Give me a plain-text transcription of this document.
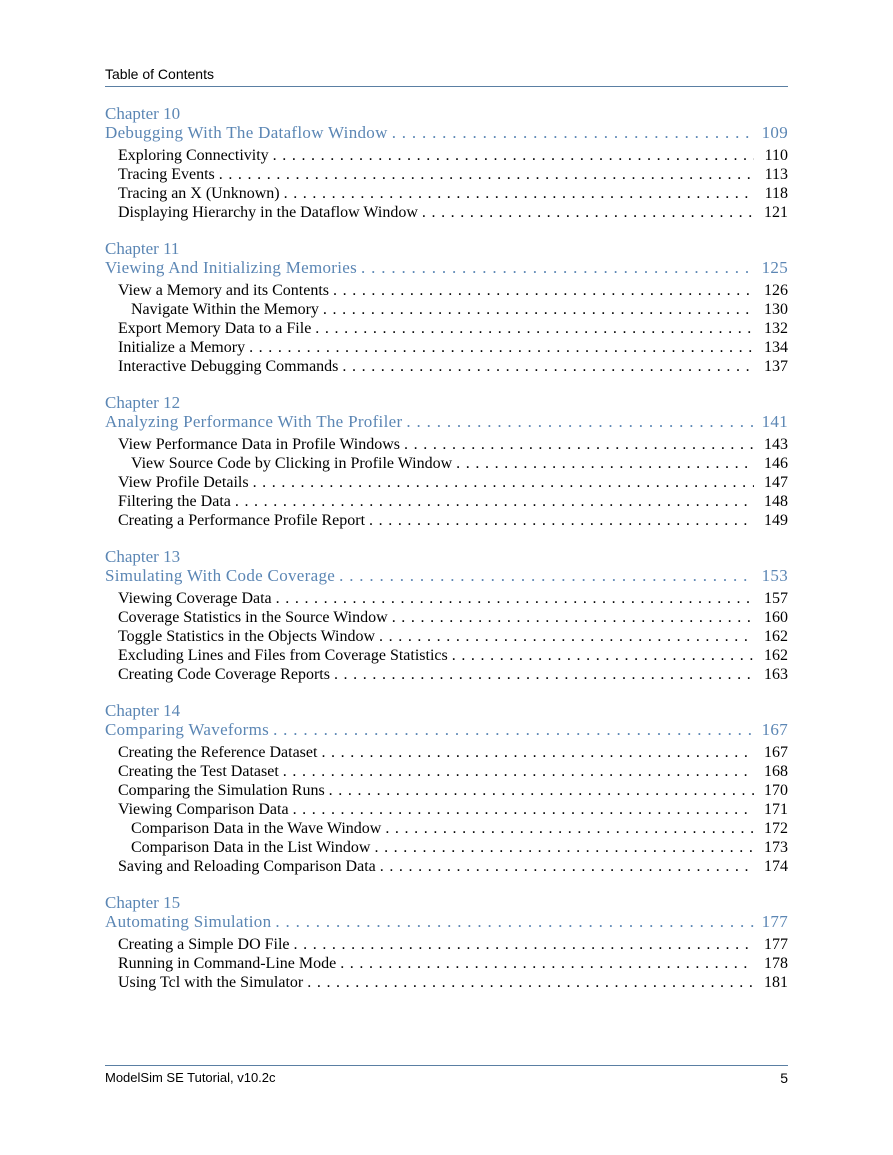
Table of Contents
Chapter 10
Debugging With The Dataflow Window . . .	109
Exploring Connectivity . . .	110
Tracing Events . . .	113
Tracing an X (Unknown) . . .	118
Displaying Hierarchy in the Dataflow Window . . .	121
Chapter 11
Viewing And Initializing Memories . . .	125
View a Memory and its Contents . . .	126
Navigate Within the Memory . . .	130
Export Memory Data to a File . . .	132
Initialize a Memory . . .	134
Interactive Debugging Commands . . .	137
Chapter 12
Analyzing Performance With The Profiler . . .	141
View Performance Data in Profile Windows . . .	143
View Source Code by Clicking in Profile Window . . .	146
View Profile Details . . .	147
Filtering the Data . . .	148
Creating a Performance Profile Report . . .	149
Chapter 13
Simulating With Code Coverage . . .	153
Viewing Coverage Data . . .	157
Coverage Statistics in the Source Window . . .	160
Toggle Statistics in the Objects Window . . .	162
Excluding Lines and Files from Coverage Statistics . . .	162
Creating Code Coverage Reports . . .	163
Chapter 14
Comparing Waveforms . . .	167
Creating the Reference Dataset . . .	167
Creating the Test Dataset . . .	168
Comparing the Simulation Runs . . .	170
Viewing Comparison Data . . .	171
Comparison Data in the Wave Window . . .	172
Comparison Data in the List Window . . .	173
Saving and Reloading Comparison Data . . .	174
Chapter 15
Automating Simulation . . .	177
Creating a Simple DO File . . .	177
Running in Command-Line Mode . . .	178
Using Tcl with the Simulator . . .	181
ModelSim SE Tutorial, v10.2c	5
